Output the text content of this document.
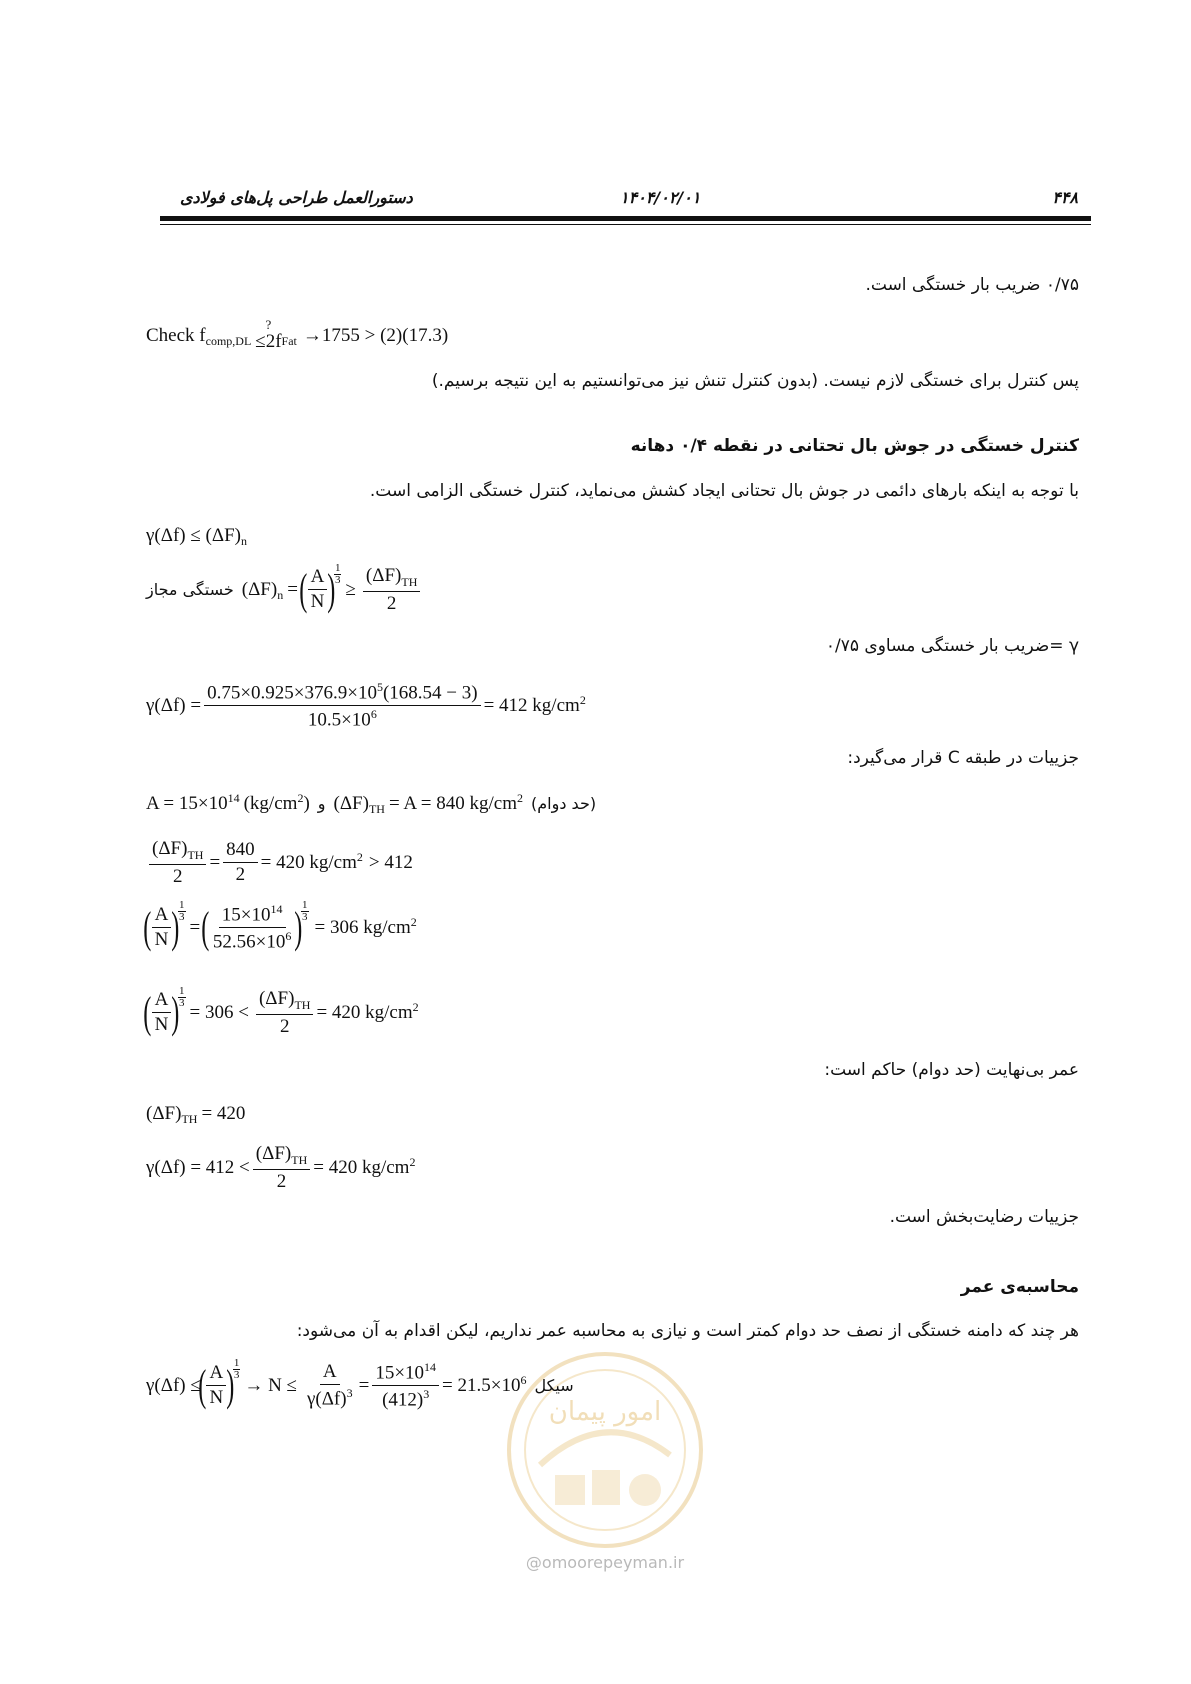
۴۴۸
۱۴۰۴/۰۲/۰۱
دستورالعمل طراحی پل‌های فولادی
۰/۷۵ ضریب بار خستگی است.
Check $f_{comp,DL}$
?
$\le 2f_{Fat} \to 1755 > (2)(17.3)$
پس کنترل برای خستگی لازم نیست. (بدون کنترل تنش نیز می‌توانستیم به این نتیجه برسیم.)
کنترل خستگی در جوش بال تحتانی در نقطه ۰/۴ دهانه
با توجه به اینکه بارهای دائمی در جوش بال تحتانی ایجاد کشش می‌نماید، کنترل خستگی الزامی است.
$\gamma(\Delta f) \le (\Delta F)_n$
خستگی مجاز $(\Delta F)_n$ = ( A
N )
$\frac{1}{3}$
≥ $\frac{(\Delta F)_{TH}}{2}$
γ =ضریب بار خستگی مساوی ۰/۷۵
$\gamma(\Delta f) = \frac{0.75\times 0.925\times 376.9\times 10^5(168.54 - 3)}{10.5\times 10^6} = 412$ $kg/cm^2$
جزییات در طبقه C قرار می‌گیرد:
$A = 15\times 10^{14}$ ($kg/cm^2$ ) و $(\Delta F)_{TH} = A = 840$ $kg/cm^2$ (حد دوام)
$\frac{(\Delta F)_{TH}}{2} = \frac{840}{2} = 420$ $kg/cm^2 > 412$
( A
N )
$\frac{1}{3}$
= ( $15\times 10^{14}$
$52.56\times 10^6$ )
$\frac{1}{3}$
= 306 $kg/cm^2$
( A
N )
$\frac{1}{3}$
= $306 < \frac{(\Delta F)_{TH}}{2} = 420$ $kg/cm^2$
عمر بی‌نهایت (حد دوام) حاکم است:
$(\Delta F)_{TH} = 420$
$\gamma(\Delta f) = 412 < \frac{(\Delta F)_{TH}}{2} = 420$ $kg/cm^2$
جزییات رضایت‌بخش است.
امور پیمان
محاسبه‌ی عمر
هر چند که دامنه خستگی از نصف حد دوام کمتر است و نیازی به محاسبه عمر نداریم، لیکن اقدام به آن می‌شود:
γ(Δf) ≤
( A
N ) 1
$3 \to N \le \frac{A}{\gamma(\Delta f)^3} = \frac{15\times 10^{14}}{(412)^3} = 21.5\times 10^6$ سیکل
@omoorepeyman.ir
